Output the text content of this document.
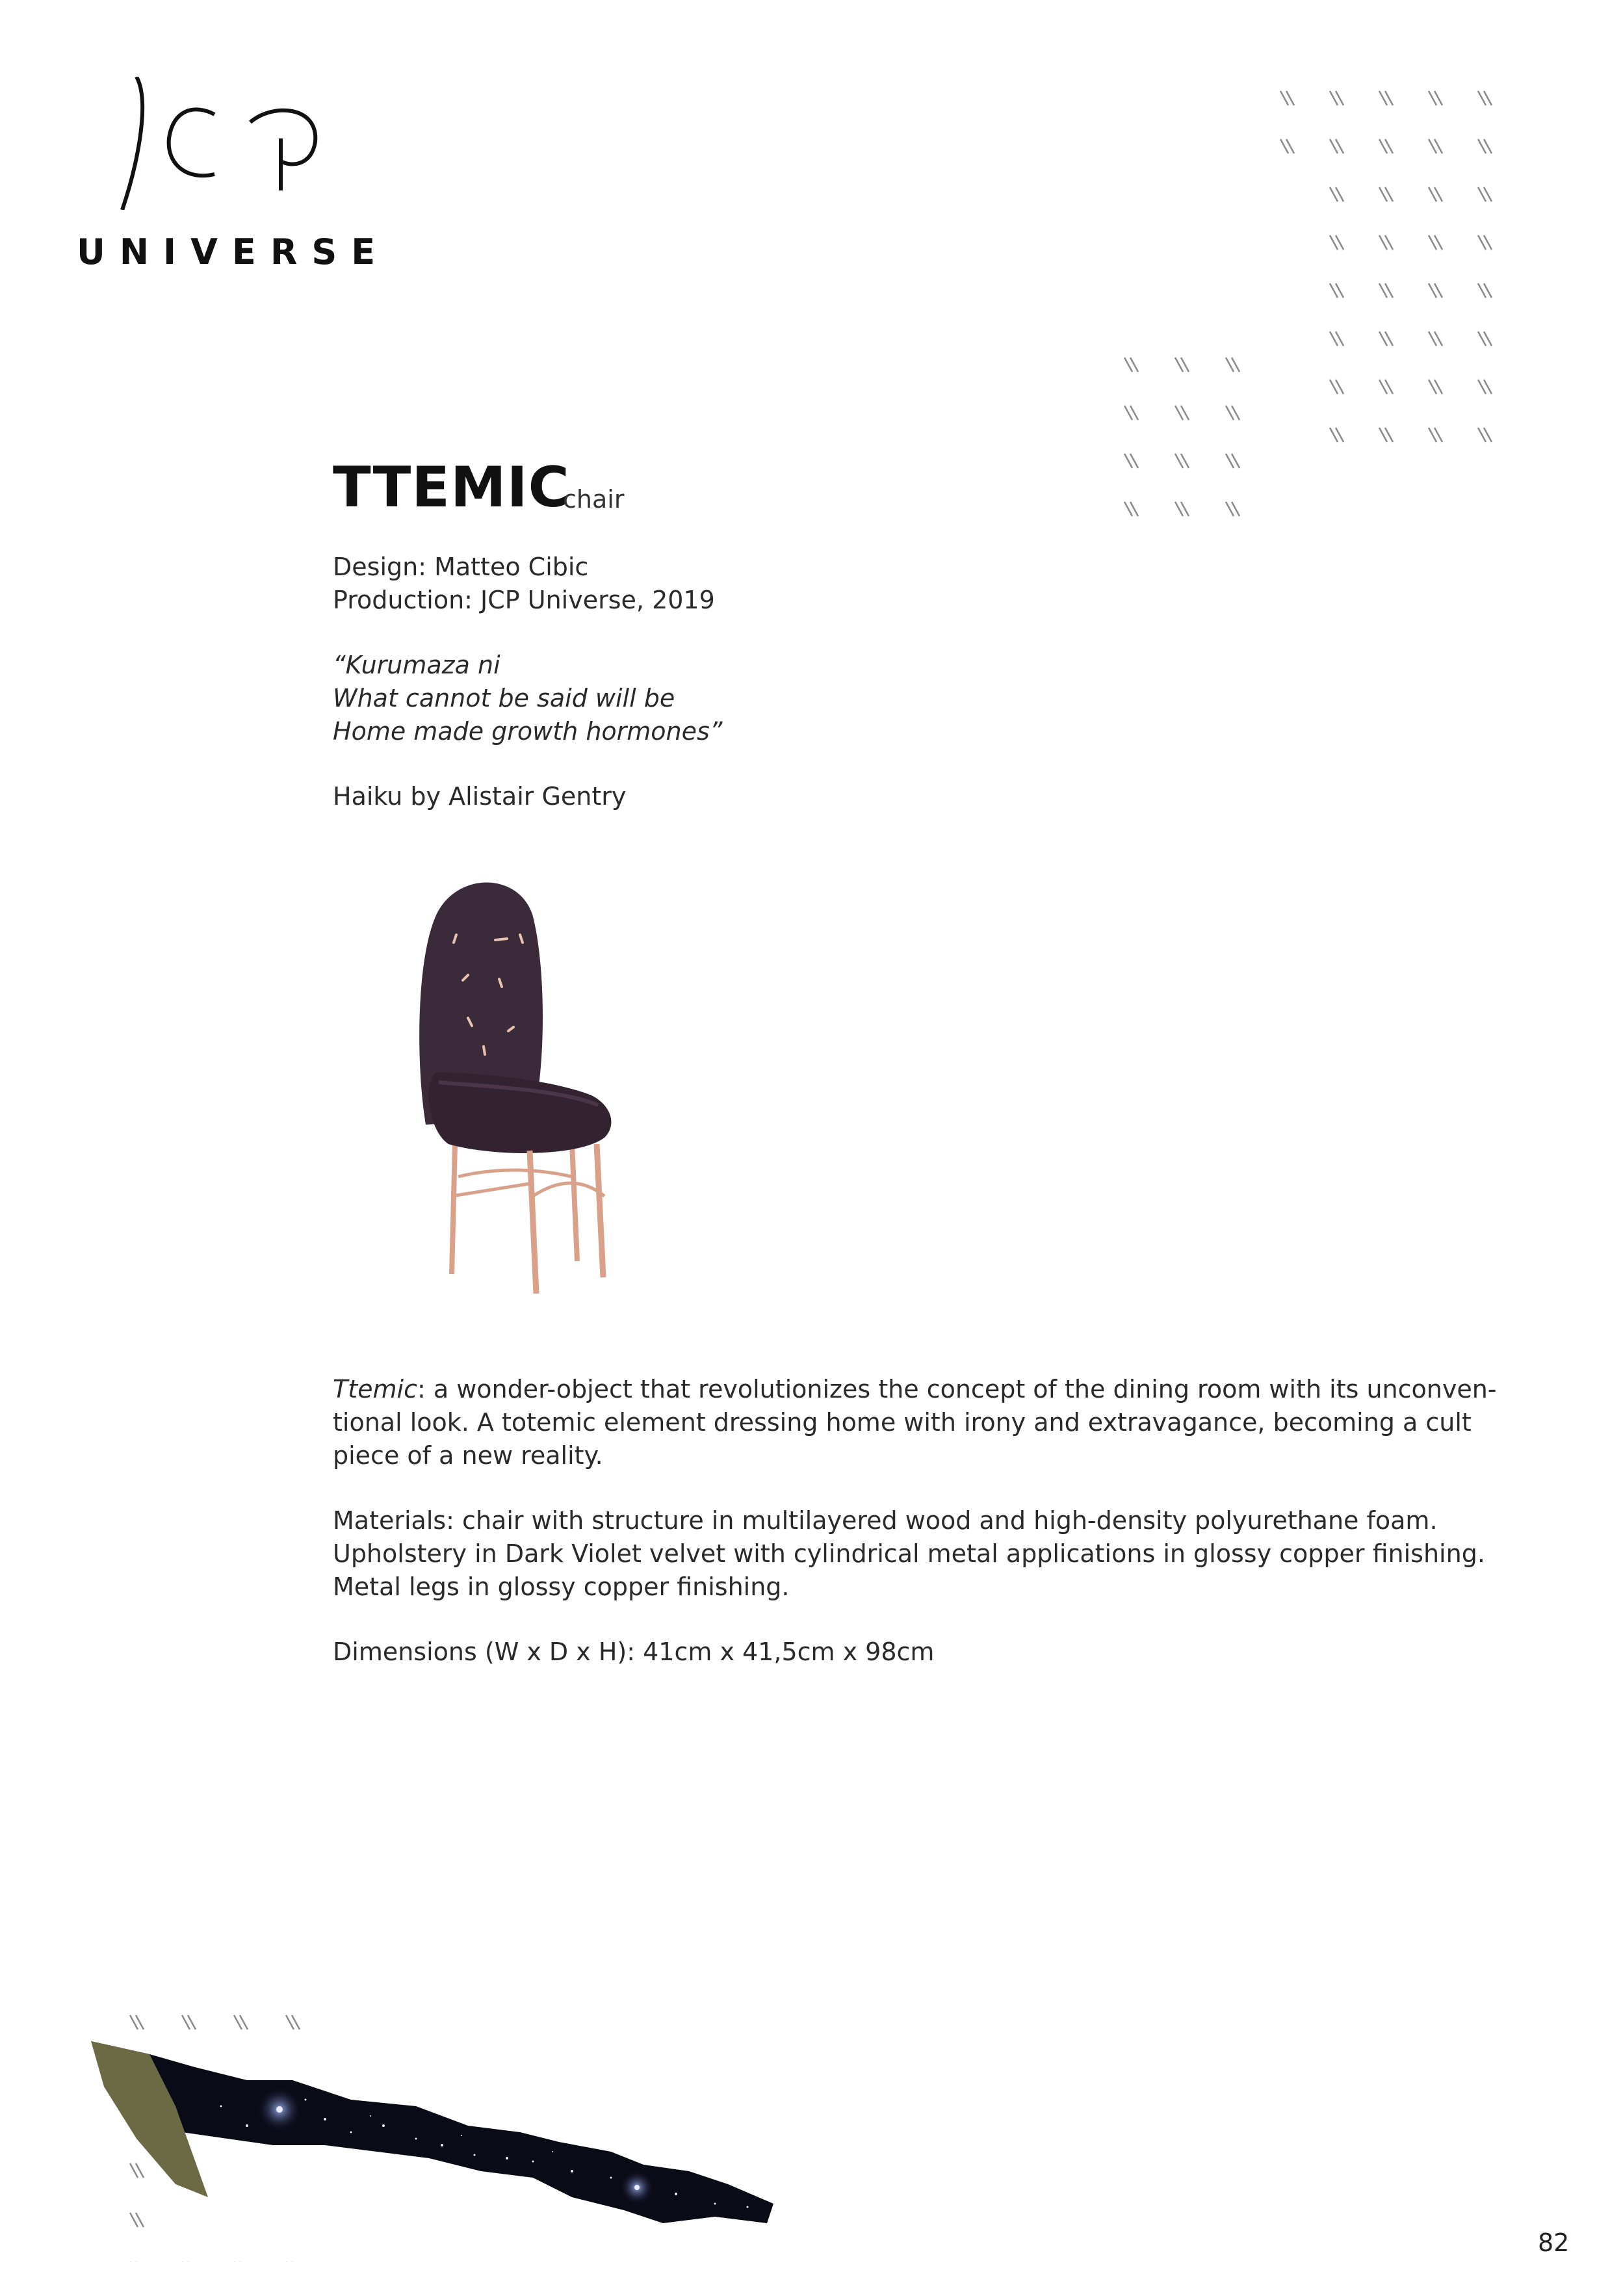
UNIVERSE
TTEMIC
chair
Design: Matteo Cibic
Production: JCP Universe, 2019
“Kurumaza ni
What cannot be said will be
Home made growth hormones”
Haiku by Alistair Gentry
Ttemic: a wonder-object that revolutionizes the concept of the dining room with its unconven-
tional look. A totemic element dressing home with irony and extravagance, becoming a cult
piece of a new reality.
Materials: chair with structure in multilayered wood and high-density polyurethane foam.
Upholstery in Dark Violet velvet with cylindrical metal applications in glossy copper finishing.
Metal legs in glossy copper finishing.
Dimensions (W x D x H): 41cm x 41,5cm x 98cm
82
